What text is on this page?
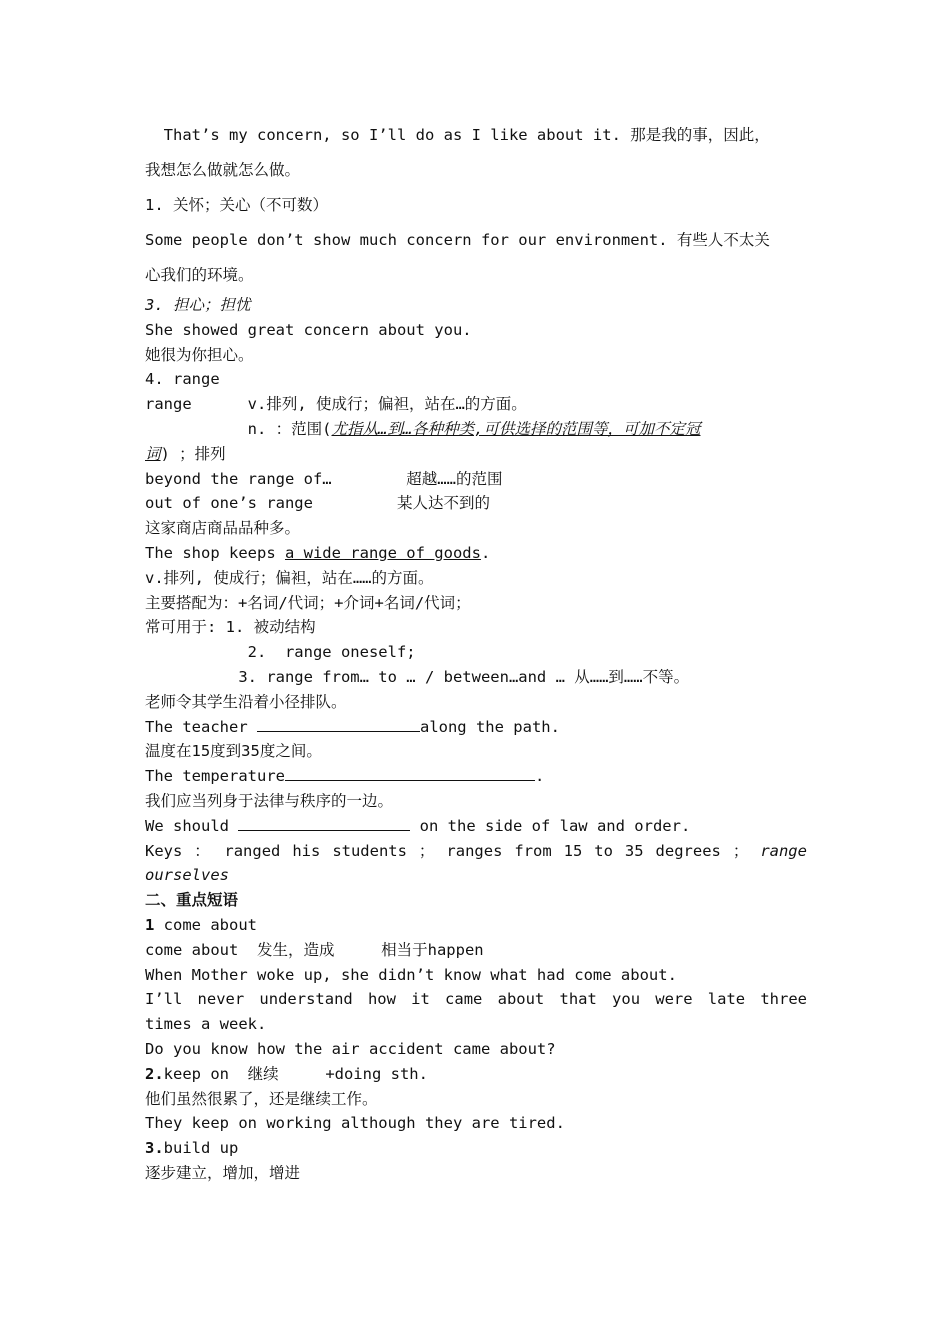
That’s my concern, so I’ll do as I like about it. 那是我的事，因此，
我想怎么做就怎么做。
1. 关怀；关心（不可数）
Some people don’t show much concern for our environment. 有些人不太关
心我们的环境。
3. 担心；担忧
She showed great concern about you.
她很为你担心。
4. range
range      v.排列, 使成行；偏袒，站在…的方面。
n. ：范围(尤指从…到…各种种类,可供选择的范围等，可加不定冠
词) ；排列
beyond the range of…        超越……的范围
out of one’s range         某人达不到的
这家商店商品品种多。
The shop keeps a wide range of goods.
v.排列, 使成行；偏袒，站在……的方面。
主要搭配为：+名词/代词；+介词+名词/代词；
常可用于: 1. 被动结构
2.  range oneself;
3. range from… to … / between…and … 从……到……不等。
老师令其学生沿着小径排队。
The teacher	along the path.
温度在15度到35度之间。
The temperature	.
我们应当列身于法律与秩序的一边。
We should	on the side of law and order.
Keys ： ranged his students ； ranges from 15 to 35 degrees ； range
ourselves
二、重点短语
1 come about
come about  发生，造成     相当于happen
When Mother woke up, she didn’t know what had come about.
I’ll never understand how it came about that you were late three
times a week.
Do you know how the air accident came about?
2.keep on  继续     +doing sth.
他们虽然很累了，还是继续工作。
They keep on working although they are tired.
3.build up
逐步建立，增加，增进
